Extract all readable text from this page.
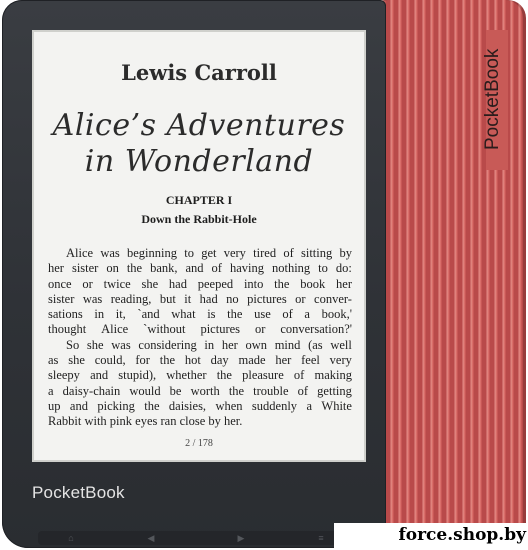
PocketBook
Lewis Carroll
Alice’s Adventures
in Wonderland
CHAPTER I
Down the Rabbit-Hole
Alice was beginning to get very tired of sitting by
her sister on the bank, and of having nothing to do:
once or twice she had peeped into the book her
sister was reading, but it had no pictures or conver-
sations in it, `and what is the use of a book,'
thought Alice `without pictures or conversation?'
So she was considering in her own mind (as well
as she could, for the hot day made her feel very
sleepy and stupid), whether the pleasure of making
a daisy-chain would be worth the trouble of getting
up and picking the daisies, when suddenly a White
Rabbit with pink eyes ran close by her.
2 / 178
PocketBook
⌂	◀	▶	≡	force.shop.by
